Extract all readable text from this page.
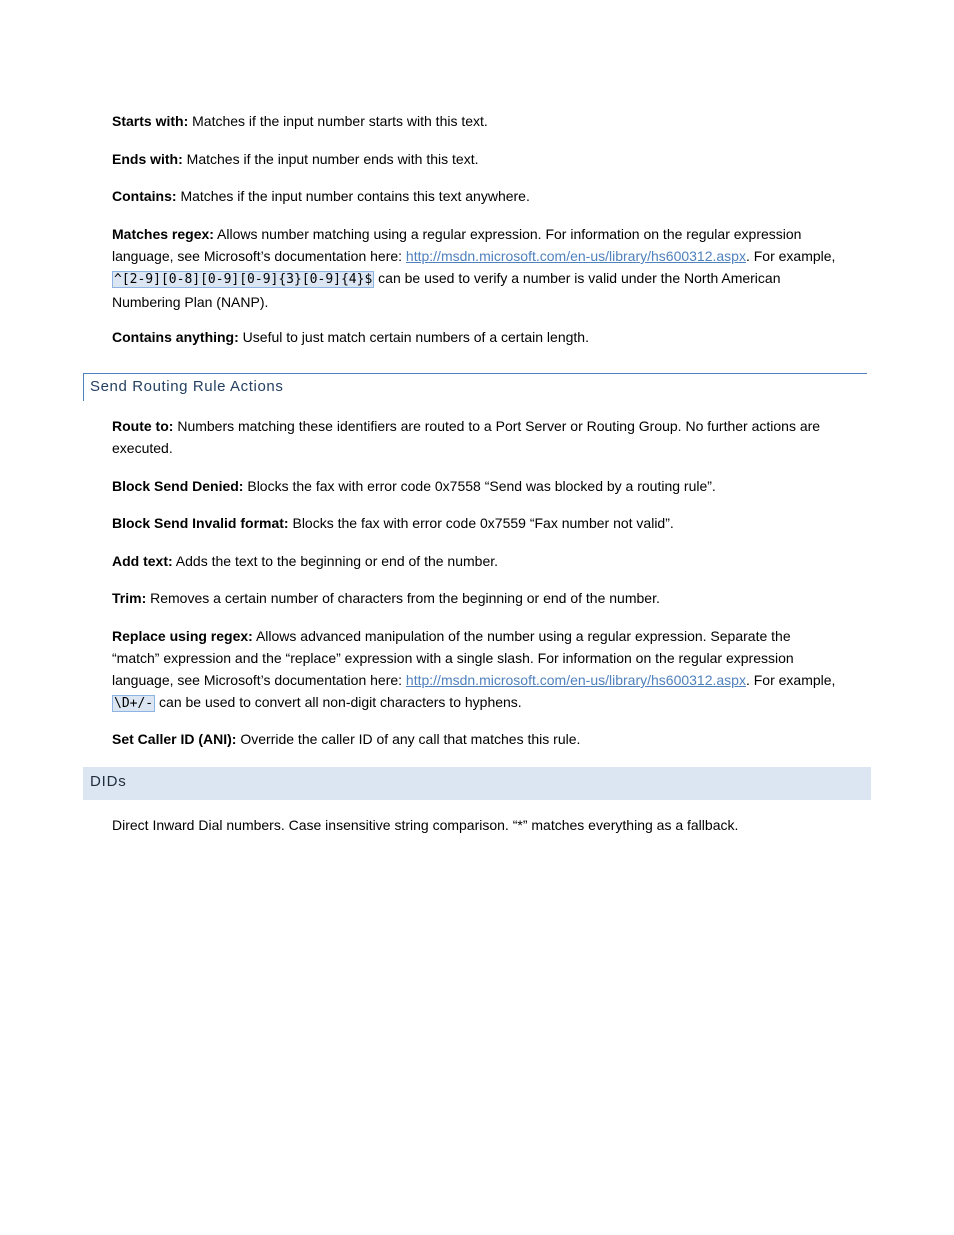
Starts with: Matches if the input number starts with this text.

Ends with: Matches if the input number ends with this text.

Contains: Matches if the input number contains this text anywhere.

Matches regex: Allows number matching using a regular expression. For information on the regular expression language, see Microsoft’s documentation here: http://msdn.microsoft.com/en-us/library/hs600312.aspx. For example, ^[2-9][0-8][0-9][0-9]{3}[0-9]{4}$ can be used to verify a number is valid under the North American Numbering Plan (NANP).

Contains anything: Useful to just match certain numbers of a certain length.

Send Routing Rule Actions

Route to: Numbers matching these identifiers are routed to a Port Server or Routing Group. No further actions are executed.

Block Send Denied: Blocks the fax with error code 0x7558 “Send was blocked by a routing rule”.

Block Send Invalid format: Blocks the fax with error code 0x7559 “Fax number not valid”.

Add text: Adds the text to the beginning or end of the number.

Trim: Removes a certain number of characters from the beginning or end of the number.

Replace using regex: Allows advanced manipulation of the number using a regular expression. Separate the “match” expression and the “replace” expression with a single slash. For information on the regular expression language, see Microsoft’s documentation here: http://msdn.microsoft.com/en-us/library/hs600312.aspx. For example, \D+/- can be used to convert all non-digit characters to hyphens.

Set Caller ID (ANI): Override the caller ID of any call that matches this rule.

DIDs

Direct Inward Dial numbers. Case insensitive string comparison. “*” matches everything as a fallback.
